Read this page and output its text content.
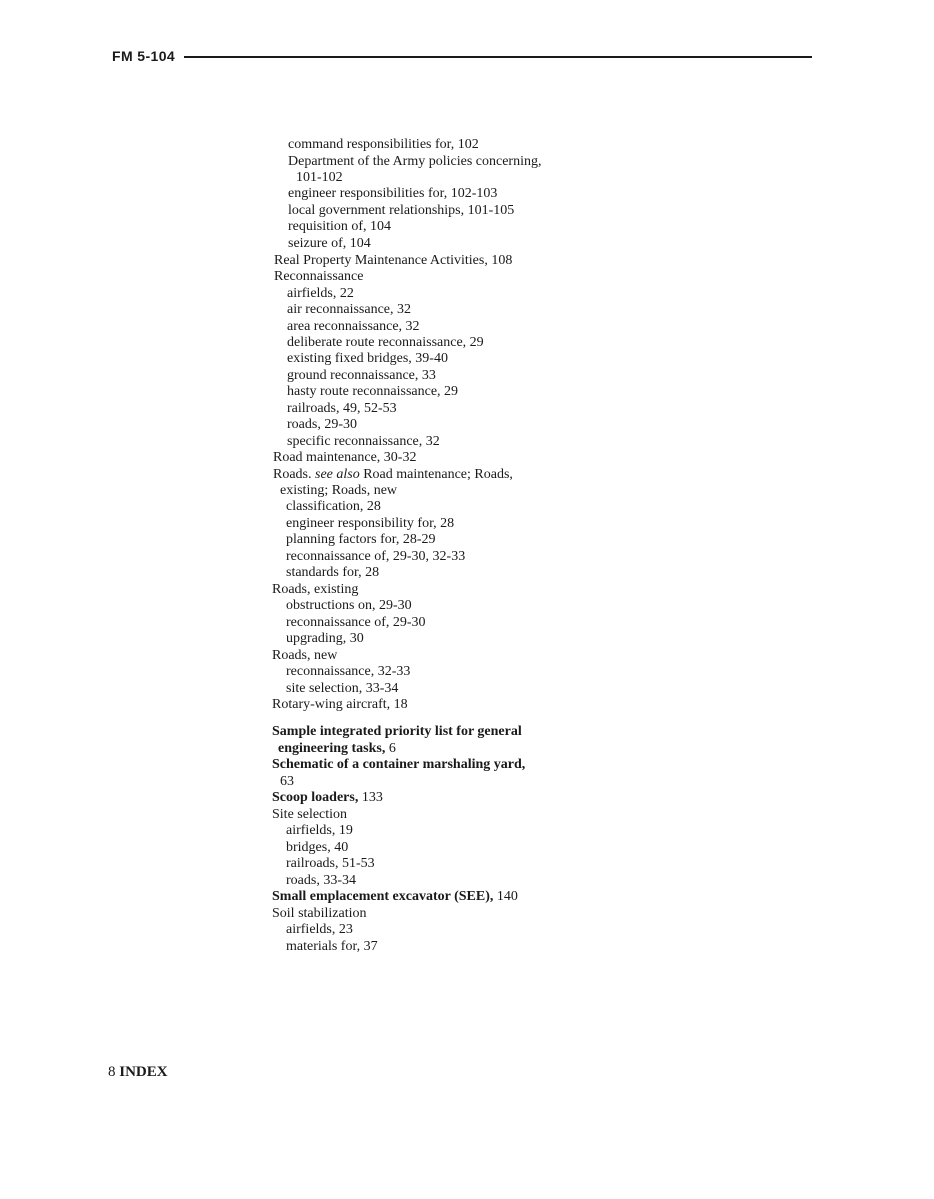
FM 5-104
command responsibilities for, 102
Department of the Army policies concerning,
101-102
engineer responsibilities for, 102-103
local government relationships, 101-105
requisition of, 104
seizure of, 104
Real Property Maintenance Activities, 108
Reconnaissance
airfields, 22
air reconnaissance, 32
area reconnaissance, 32
deliberate route reconnaissance, 29
existing fixed bridges, 39-40
ground reconnaissance, 33
hasty route reconnaissance, 29
railroads, 49, 52-53
roads, 29-30
specific reconnaissance, 32
Road maintenance, 30-32
Roads. see also Road maintenance; Roads,
existing; Roads, new
classification, 28
engineer responsibility for, 28
planning factors for, 28-29
reconnaissance of, 29-30, 32-33
standards for, 28
Roads, existing
obstructions on, 29-30
reconnaissance of, 29-30
upgrading, 30
Roads, new
reconnaissance, 32-33
site selection, 33-34
Rotary-wing aircraft, 18
Sample integrated priority list for general
engineering tasks, 6
Schematic of a container marshaling yard,
63
Scoop loaders, 133
Site selection
airfields, 19
bridges, 40
railroads, 51-53
roads, 33-34
Small emplacement excavator (SEE), 140
Soil stabilization
airfields, 23
materials for, 37
8 INDEX
